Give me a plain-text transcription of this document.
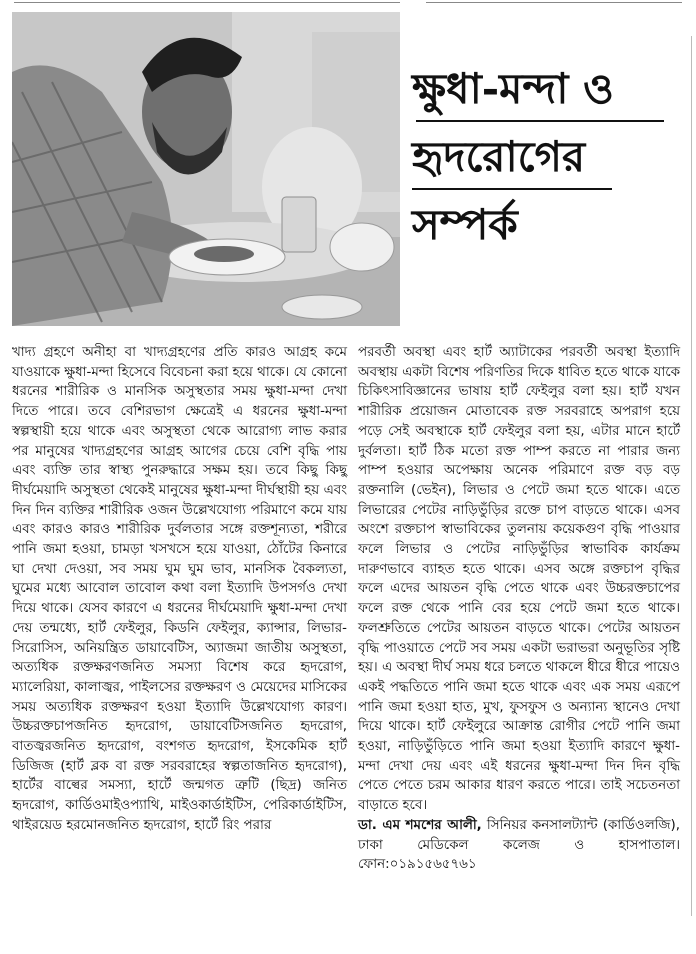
ক্ষুধা-মন্দা ও
হৃদরোগের
সম্পর্ক

খাদ্য গ্রহণে অনীহা বা খাদ্যগ্রহণের প্রতি কারও আগ্রহ কমে যাওয়াকে ক্ষুধা-মন্দা হিসেবে বিবেচনা করা হয়ে থাকে। যে কোনো ধরনের শারীরিক ও মানসিক অসুস্থতার সময় ক্ষুধা-মন্দা দেখা দিতে পারে। তবে বেশিরভাগ ক্ষেত্রেই এ ধরনের ক্ষুধা-মন্দা স্বল্পস্থায়ী হয়ে থাকে এবং অসুস্থতা থেকে আরোগ্য লাভ করার পর মানুষের খাদ্যগ্রহণের আগ্রহ আগের চেয়ে বেশি বৃদ্ধি পায় এবং ব্যক্তি তার স্বাস্থ্য পুনরুদ্ধারে সক্ষম হয়। তবে কিছু কিছু দীর্ঘমেয়াদি অসুস্থতা থেকেই মানুষের ক্ষুধা-মন্দা দীর্ঘস্থায়ী হয় এবং দিন দিন ব্যক্তির শারীরিক ওজন উল্লেখযোগ্য পরিমাণে কমে যায় এবং কারও কারও শারীরিক দুর্বলতার সঙ্গে রক্তশূন্যতা, শরীরে পানি জমা হওয়া, চামড়া খসখসে হয়ে যাওয়া, ঠোঁটের কিনারে ঘা দেখা দেওয়া, সব সময় ঘুম ঘুম ভাব, মানসিক বৈকল্যতা, ঘুমের মধ্যে আবোল তাবোল কথা বলা ইত্যাদি উপসর্গও দেখা দিয়ে থাকে। যেসব কারণে এ ধরনের দীর্ঘমেয়াদি ক্ষুধা-মন্দা দেখা দেয় তন্মধ্যে, হার্ট ফেইলুর, কিডনি ফেইলুর, ক্যান্সার, লিভার-সিরোসিস, অনিয়ন্ত্রিত ডায়াবেটিস, অ্যাজমা জাতীয় অসুস্থতা, অত্যধিক রক্তক্ষরণজনিত সমস্যা বিশেষ করে হৃদরোগ, ম্যালেরিয়া, কালাজ্বর, পাইলসের রক্তক্ষরণ ও মেয়েদের মাসিকের সময় অত্যধিক রক্তক্ষরণ হওয়া ইত্যাদি উল্লেখযোগ্য কারণ। উচ্চরক্তচাপজনিত হৃদরোগ, ডায়াবেটিসজনিত হৃদরোগ, বাতজ্বরজনিত হৃদরোগ, বংশগত হৃদরোগ, ইসকেমিক হার্ট ডিজিজ (হার্ট ব্লক বা রক্ত সরবরাহের স্বল্পতাজনিত হৃদরোগ), হার্টের বাল্বের সমস্যা, হার্টে জন্মগত ত্রুটি (ছিদ্র) জনিত হৃদরোগ, কার্ডিওমাইওপ্যাথি, মাইওকার্ডাইটিস, পেরিকার্ডাইটিস, থাইরয়েড হরমোনজনিত হৃদরোগ, হার্টে রিং পরার

পরবর্তী অবস্থা এবং হার্ট অ্যাটাকের পরবর্তী অবস্থা ইত্যাদি অবস্থায় একটা বিশেষ পরিণতির দিকে ধাবিত হতে থাকে যাকে চিকিৎসাবিজ্ঞানের ভাষায় হার্ট ফেইলুর বলা হয়। হার্ট যখন শারীরিক প্রয়োজন মোতাবেক রক্ত সরবরাহে অপরাগ হয়ে পড়ে সেই অবস্থাকে হার্ট ফেইলুর বলা হয়, এটার মানে হার্টে দুর্বলতা। হার্ট ঠিক মতো রক্ত পাম্প করতে না পারার জন্য পাম্প হওয়ার অপেক্ষায় অনেক পরিমাণে রক্ত বড় বড় রক্তনালি (ভেইন), লিভার ও পেটে জমা হতে থাকে। এতে লিভারের পেটের নাড়িভুঁড়ির রক্তে চাপ বাড়তে থাকে। এসব অংশে রক্তচাপ স্বাভাবিকের তুলনায় কয়েকগুণ বৃদ্ধি পাওয়ার ফলে লিভার ও পেটের নাড়িভুঁড়ির স্বাভাবিক কার্যক্রম দারুণভাবে ব্যাহত হতে থাকে। এসব অঙ্গে রক্তচাপ বৃদ্ধির ফলে এদের আয়তন বৃদ্ধি পেতে থাকে এবং উচ্চরক্তচাপের ফলে রক্ত থেকে পানি বের হয়ে পেটে জমা হতে থাকে। ফলশ্রুতিতে পেটের আয়তন বাড়তে থাকে। পেটের আয়তন বৃদ্ধি পাওয়াতে পেটে সব সময় একটা ভরাভরা অনুভূতির সৃষ্টি হয়। এ অবস্থা দীর্ঘ সময় ধরে চলতে থাকলে ধীরে ধীরে পায়েও একই পদ্ধতিতে পানি জমা হতে থাকে এবং এক সময় এরূপে পানি জমা হওয়া হাত, মুখ, ফুসফুস ও অন্যান্য স্থানেও দেখা দিয়ে থাকে। হার্ট ফেইলুরে আক্রান্ত রোগীর পেটে পানি জমা হওয়া, নাড়িভুঁড়িতে পানি জমা হওয়া ইত্যাদি কারণে ক্ষুধা-মন্দা দেখা দেয় এবং এই ধরনের ক্ষুধা-মন্দা দিন দিন বৃদ্ধি পেতে পেতে চরম আকার ধারণ করতে পারে। তাই সচেতনতা বাড়াতে হবে।

ডা. এম শমশের আলী, সিনিয়র কনসালট্যান্ট (কার্ডিওলজি), ঢাকা মেডিকেল কলেজ ও হাসপাতাল। ফোন:০১৯১৫৬৫৭৬১
